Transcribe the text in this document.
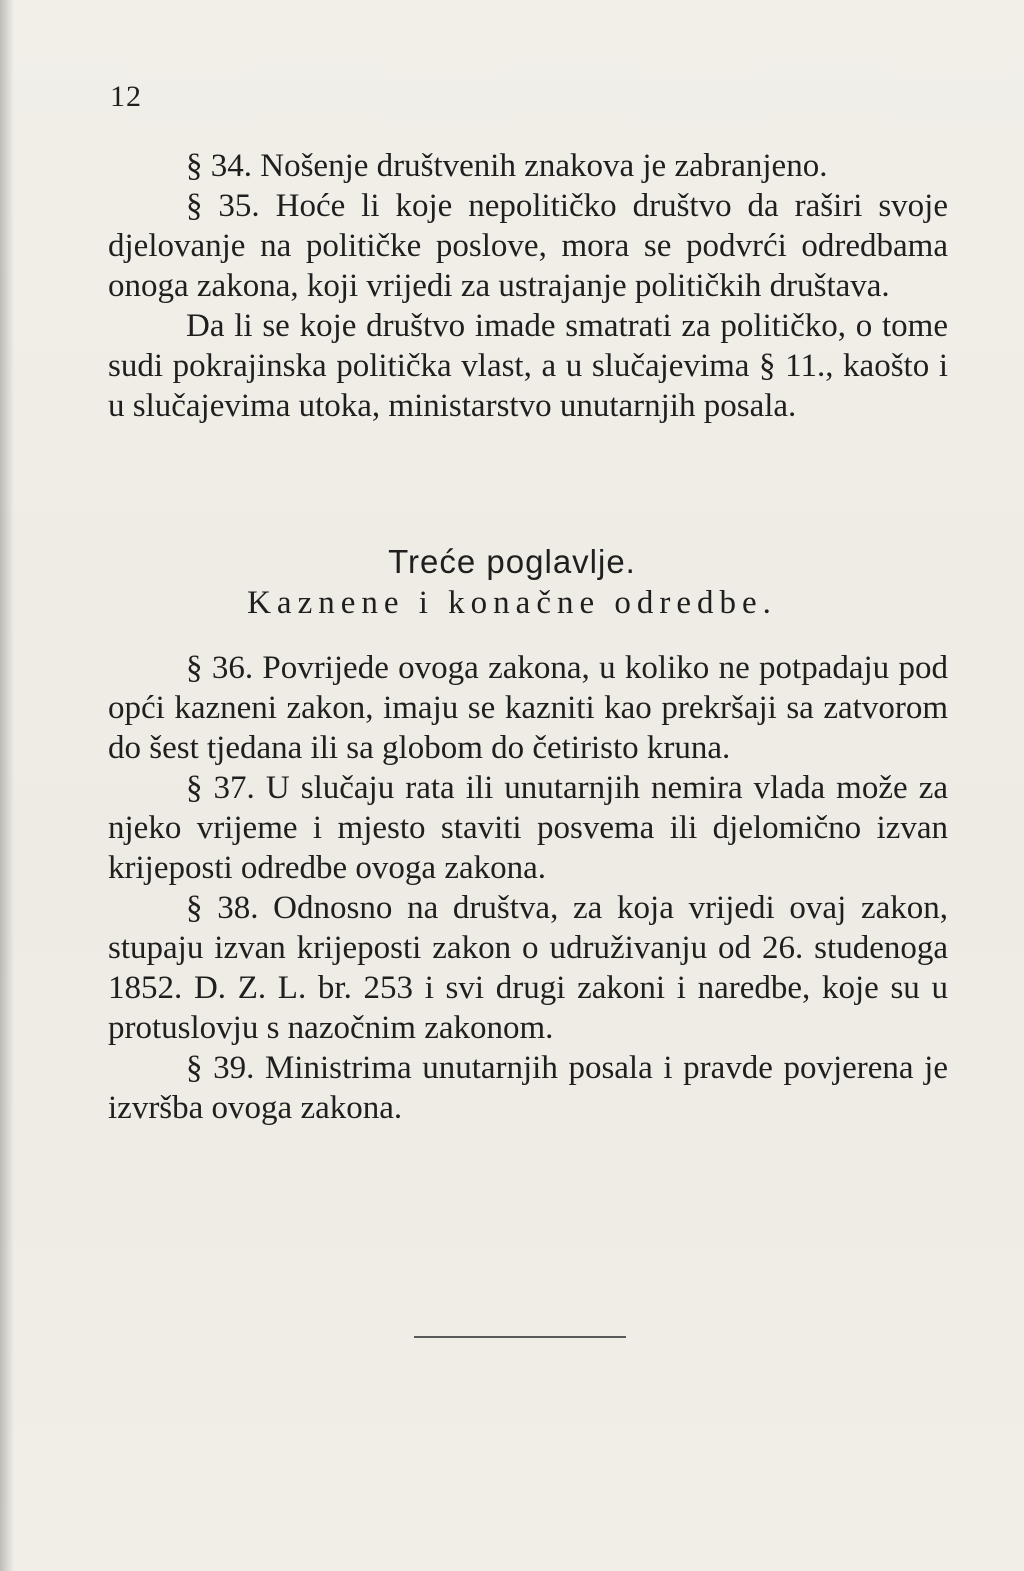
12

§ 34. Nošenje društvenih znakova je zabranjeno.

§ 35. Hoće li koje nepolitičko društvo da raširi svoje djelovanje na političke poslove, mora se podvrći odredbama onoga zakona, koji vrijedi za ustrajanje političkih društava.

Da li se koje društvo imade smatrati za političko, o tome sudi pokrajinska politička vlast, a u slučajevima § 11., kaošto i u slučajevima utoka, ministarstvo unutarnjih posala.

Treće poglavlje.
Kaznene i konačne odredbe.

§ 36. Povrijede ovoga zakona, u koliko ne potpadaju pod opći kazneni zakon, imaju se kazniti kao prekršaji sa zatvorom do šest tjedana ili sa globom do četiristo kruna.

§ 37. U slučaju rata ili unutarnjih nemira vlada može za njeko vrijeme i mjesto staviti posvema ili djelomično izvan krijeposti odredbe ovoga zakona.

§ 38. Odnosno na društva, za koja vrijedi ovaj zakon, stupaju izvan krijeposti zakon o udruživanju od 26. studenoga 1852. D. Z. L. br. 253 i svi drugi zakoni i naredbe, koje su u protuslovju s nazočnim zakonom.

§ 39. Ministrima unutarnjih posala i pravde povjerena je izvršba ovoga zakona.
